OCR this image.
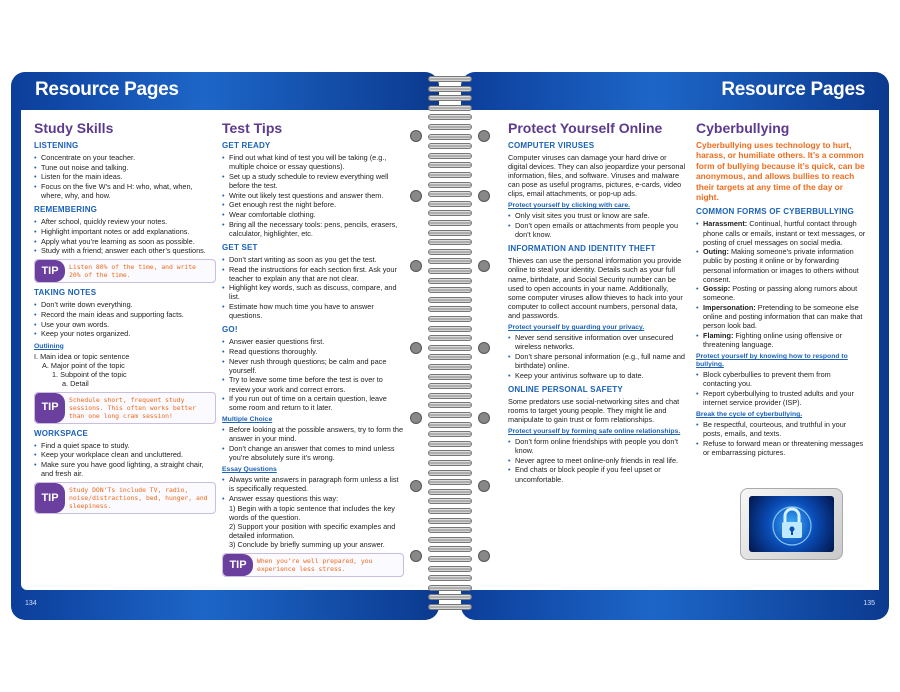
Resource Pages
134
Resource Pages
135
Study Skills
LISTENING
• Concentrate on your teacher.
• Tune out noise and talking.
• Listen for the main ideas.
• Focus on the five W’s and H: who, what, when, where, why, and how.
REMEMBERING
• After school, quickly review your notes.
• Highlight important notes or add explanations.
• Apply what you’re learning as soon as possible.
• Study with a friend; answer each other’s questions.
TIP	Listen 80% of the time, and write 20% of the time.
TAKING NOTES
• Don’t write down everything.
• Record the main ideas and supporting facts.
• Use your own words.
• Keep your notes organized.
Outlining
I. Main idea or topic sentence
A. Major point of the topic
1. Subpoint of the topic
a. Detail
TIP
Schedule short, frequent study sessions. This often works better than one long cram session!
WORKSPACE
• Find a quiet space to study.
• Keep your workplace clean and uncluttered.
• Make sure you have good lighting, a straight chair, and fresh air.
TIP
Study DON’Ts include TV, radio, noise/distractions, bed, hunger, and sleepiness.
Test Tips
GET READY
• Find out what kind of test you will be taking (e.g., multiple choice or essay questions).
• Set up a study schedule to review everything well before the test.
• Write out likely test questions and answer them.
• Get enough rest the night before.
• Wear comfortable clothing.
• Bring all the necessary tools: pens, pencils, erasers, calculator, highlighter, etc.
GET SET
• Don’t start writing as soon as you get the test.
• Read the instructions for each section first. Ask your teacher to explain any that are not clear.
• Highlight key words, such as discuss, compare, and list.
• Estimate how much time you have to answer questions.
GO!
• Answer easier questions first.
• Read questions thoroughly.
• Never rush through questions; be calm and pace yourself.
• Try to leave some time before the test is over to review your work and correct errors.
• If you run out of time on a certain question, leave some room and return to it later.
Multiple Choice
• Before looking at the possible answers, try to form the answer in your mind.
• Don’t change an answer that comes to mind unless you’re absolutely sure it’s wrong.
Essay Questions
• Always write answers in paragraph form unless a list is specifically requested.
• Answer essay questions this way:
1) Begin with a topic sentence that includes the key words of the question.
2) Support your position with specific examples and detailed information.
3) Conclude by briefly summing up your answer.
TIP	When you’re well prepared, you experience less stress.
Protect Yourself Online
COMPUTER VIRUSES

Computer viruses can damage your hard drive or digital devices. They can also jeopardize your personal information, files, and software. Viruses and malware can pose as useful programs, pictures, e-cards, video clips, email attachments, or pop-up ads.

Protect yourself by clicking with care.
• Only visit sites you trust or know are safe.
• Don’t open emails or attachments from people you don’t know.
INFORMATION AND IDENTITY THEFT

Thieves can use the personal information you provide online to steal your identity. Details such as your full name, birthdate, and Social Security number can be used to open accounts in your name. Additionally, some computer viruses allow thieves to hack into your computer to collect account numbers, personal data, and passwords.

Protect yourself by guarding your privacy.
• Never send sensitive information over unsecured wireless networks.
• Don’t share personal information (e.g., full name and birthdate) online.
• Keep your antivirus software up to date.
ONLINE PERSONAL SAFETY

Some predators use social-networking sites and chat rooms to target young people. They might lie and manipulate to gain trust or form relationships.

Protect yourself by forming safe online relationships.
• Don’t form online friendships with people you don’t know.
• Never agree to meet online-only friends in real life.
• End chats or block people if you feel upset or uncomfortable.
Cyberbullying

Cyberbullying uses technology to hurt, harass, or humiliate others. It’s a common form of bullying because it’s quick, can be anonymous, and allows bullies to reach their targets at any time of the day or night.

COMMON FORMS OF CYBERBULLYING
• Harassment: Continual, hurtful contact through phone calls or emails, instant or text messages, or posting of cruel messages on social media.
• Outing: Making someone’s private information public by posting it online or by forwarding personal information or images to others without consent.
• Gossip: Posting or passing along rumors about someone.
• Impersonation: Pretending to be someone else online and posting information that can make that person look bad.
• Flaming: Fighting online using offensive or threatening language.
Protect yourself by knowing how to respond to bullying.
• Block cyberbullies to prevent them from contacting you.
• Report cyberbullying to trusted adults and your internet service provider (ISP).
Break the cycle of cyberbullying.
• Be respectful, courteous, and truthful in your posts, emails, and texts.
• Refuse to forward mean or threatening messages or embarrassing pictures.
